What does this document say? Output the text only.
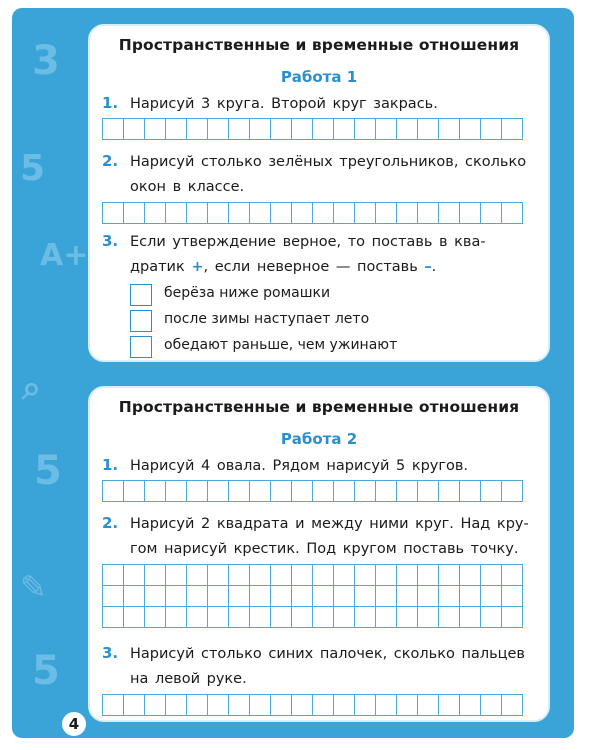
3
5
A+
⌕
5
✎
5
Пространственные и временные отношения
Работа 1
1. Нарисуй 3 круга. Второй круг закрась.
2. Нарисуй столько зелёных треугольников, сколько
окон в классе.
3. Если утверждение верное, то поставь в ква-
дратик +, если неверное — поставь –.
берёза ниже ромашки
после зимы наступает лето
обедают раньше, чем ужинают
Пространственные и временные отношения
Работа 2
1. Нарисуй 4 овала. Рядом нарисуй 5 кругов.
2. Нарисуй 2 квадрата и между ними круг. Над кру-
гом нарисуй крестик. Под кругом поставь точку.
3. Нарисуй столько синих палочек, сколько пальцев
на левой руке.
4
